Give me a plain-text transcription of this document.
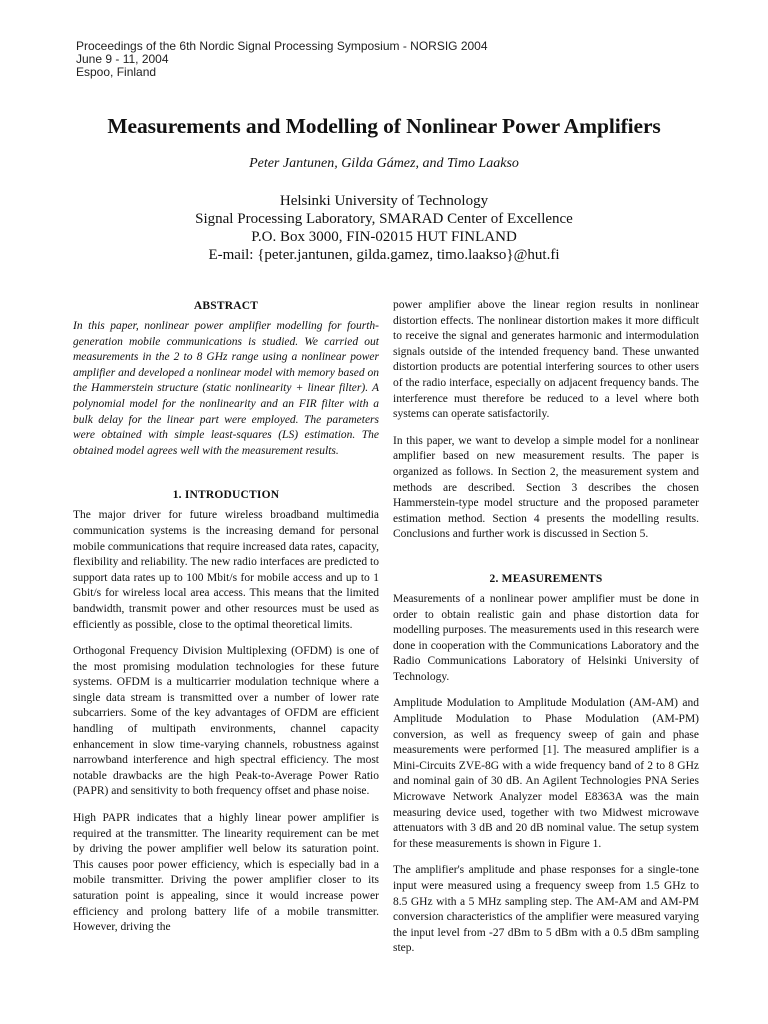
Proceedings of the 6th Nordic Signal Processing Symposium - NORSIG 2004
June 9 - 11, 2004
Espoo, Finland
Measurements and Modelling of Nonlinear Power Amplifiers
Peter Jantunen, Gilda Gámez, and Timo Laakso
Helsinki University of Technology
Signal Processing Laboratory, SMARAD Center of Excellence
P.O. Box 3000, FIN-02015 HUT FINLAND
E-mail: {peter.jantunen, gilda.gamez, timo.laakso}@hut.fi
ABSTRACT

In this paper, nonlinear power amplifier modelling for fourth-generation mobile communications is studied. We carried out measurements in the 2 to 8 GHz range using a nonlinear power amplifier and developed a nonlinear model with memory based on the Hammerstein structure (static nonlinearity + linear filter). A polynomial model for the nonlinearity and an FIR filter with a bulk delay for the linear part were employed. The parameters were obtained with simple least-squares (LS) estimation. The obtained model agrees well with the measurement results.

1. INTRODUCTION

The major driver for future wireless broadband multimedia communication systems is the increasing demand for personal mobile communications that require increased data rates, capacity, flexibility and reliability. The new radio interfaces are predicted to support data rates up to 100 Mbit/s for mobile access and up to 1 Gbit/s for wireless local area access. This means that the limited bandwidth, transmit power and other resources must be used as efficiently as possible, close to the optimal theoretical limits.

Orthogonal Frequency Division Multiplexing (OFDM) is one of the most promising modulation technologies for these future systems. OFDM is a multicarrier modulation technique where a single data stream is transmitted over a number of lower rate subcarriers. Some of the key advantages of OFDM are efficient handling of multipath environments, channel capacity enhancement in slow time-varying channels, robustness against narrowband interference and high spectral efficiency. The most notable drawbacks are the high Peak-to-Average Power Ratio (PAPR) and sensitivity to both frequency offset and phase noise.

High PAPR indicates that a highly linear power amplifier is required at the transmitter. The linearity requirement can be met by driving the power amplifier well below its saturation point. This causes poor power efficiency, which is especially bad in a mobile transmitter. Driving the power amplifier closer to its saturation point is appealing, since it would increase power efficiency and prolong battery life of a mobile transmitter. However, driving the

power amplifier above the linear region results in nonlinear distortion effects. The nonlinear distortion makes it more difficult to receive the signal and generates harmonic and intermodulation signals outside of the intended frequency band. These unwanted distortion products are potential interfering sources to other users of the radio interface, especially on adjacent frequency bands. The interference must therefore be reduced to a level where both systems can operate satisfactorily.

In this paper, we want to develop a simple model for a nonlinear amplifier based on new measurement results. The paper is organized as follows. In Section 2, the measurement system and methods are described. Section 3 describes the chosen Hammerstein-type model structure and the proposed parameter estimation method. Section 4 presents the modelling results. Conclusions and further work is discussed in Section 5.

2. MEASUREMENTS

Measurements of a nonlinear power amplifier must be done in order to obtain realistic gain and phase distortion data for modelling purposes. The measurements used in this research were done in cooperation with the Communications Laboratory and the Radio Communications Laboratory of Helsinki University of Technology.

Amplitude Modulation to Amplitude Modulation (AM-AM) and Amplitude Modulation to Phase Modulation (AM-PM) conversion, as well as frequency sweep of gain and phase measurements were performed [1]. The measured amplifier is a Mini-Circuits ZVE-8G with a wide frequency band of 2 to 8 GHz and nominal gain of 30 dB. An Agilent Technologies PNA Series Microwave Network Analyzer model E8363A was the main measuring device used, together with two Midwest microwave attenuators with 3 dB and 20 dB nominal value. The setup system for these measurements is shown in Figure 1.

The amplifier's amplitude and phase responses for a single-tone input were measured using a frequency sweep from 1.5 GHz to 8.5 GHz with a 5 MHz sampling step. The AM-AM and AM-PM conversion characteristics of the amplifier were measured varying the input level from -27 dBm to 5 dBm with a 0.5 dBm sampling step.
